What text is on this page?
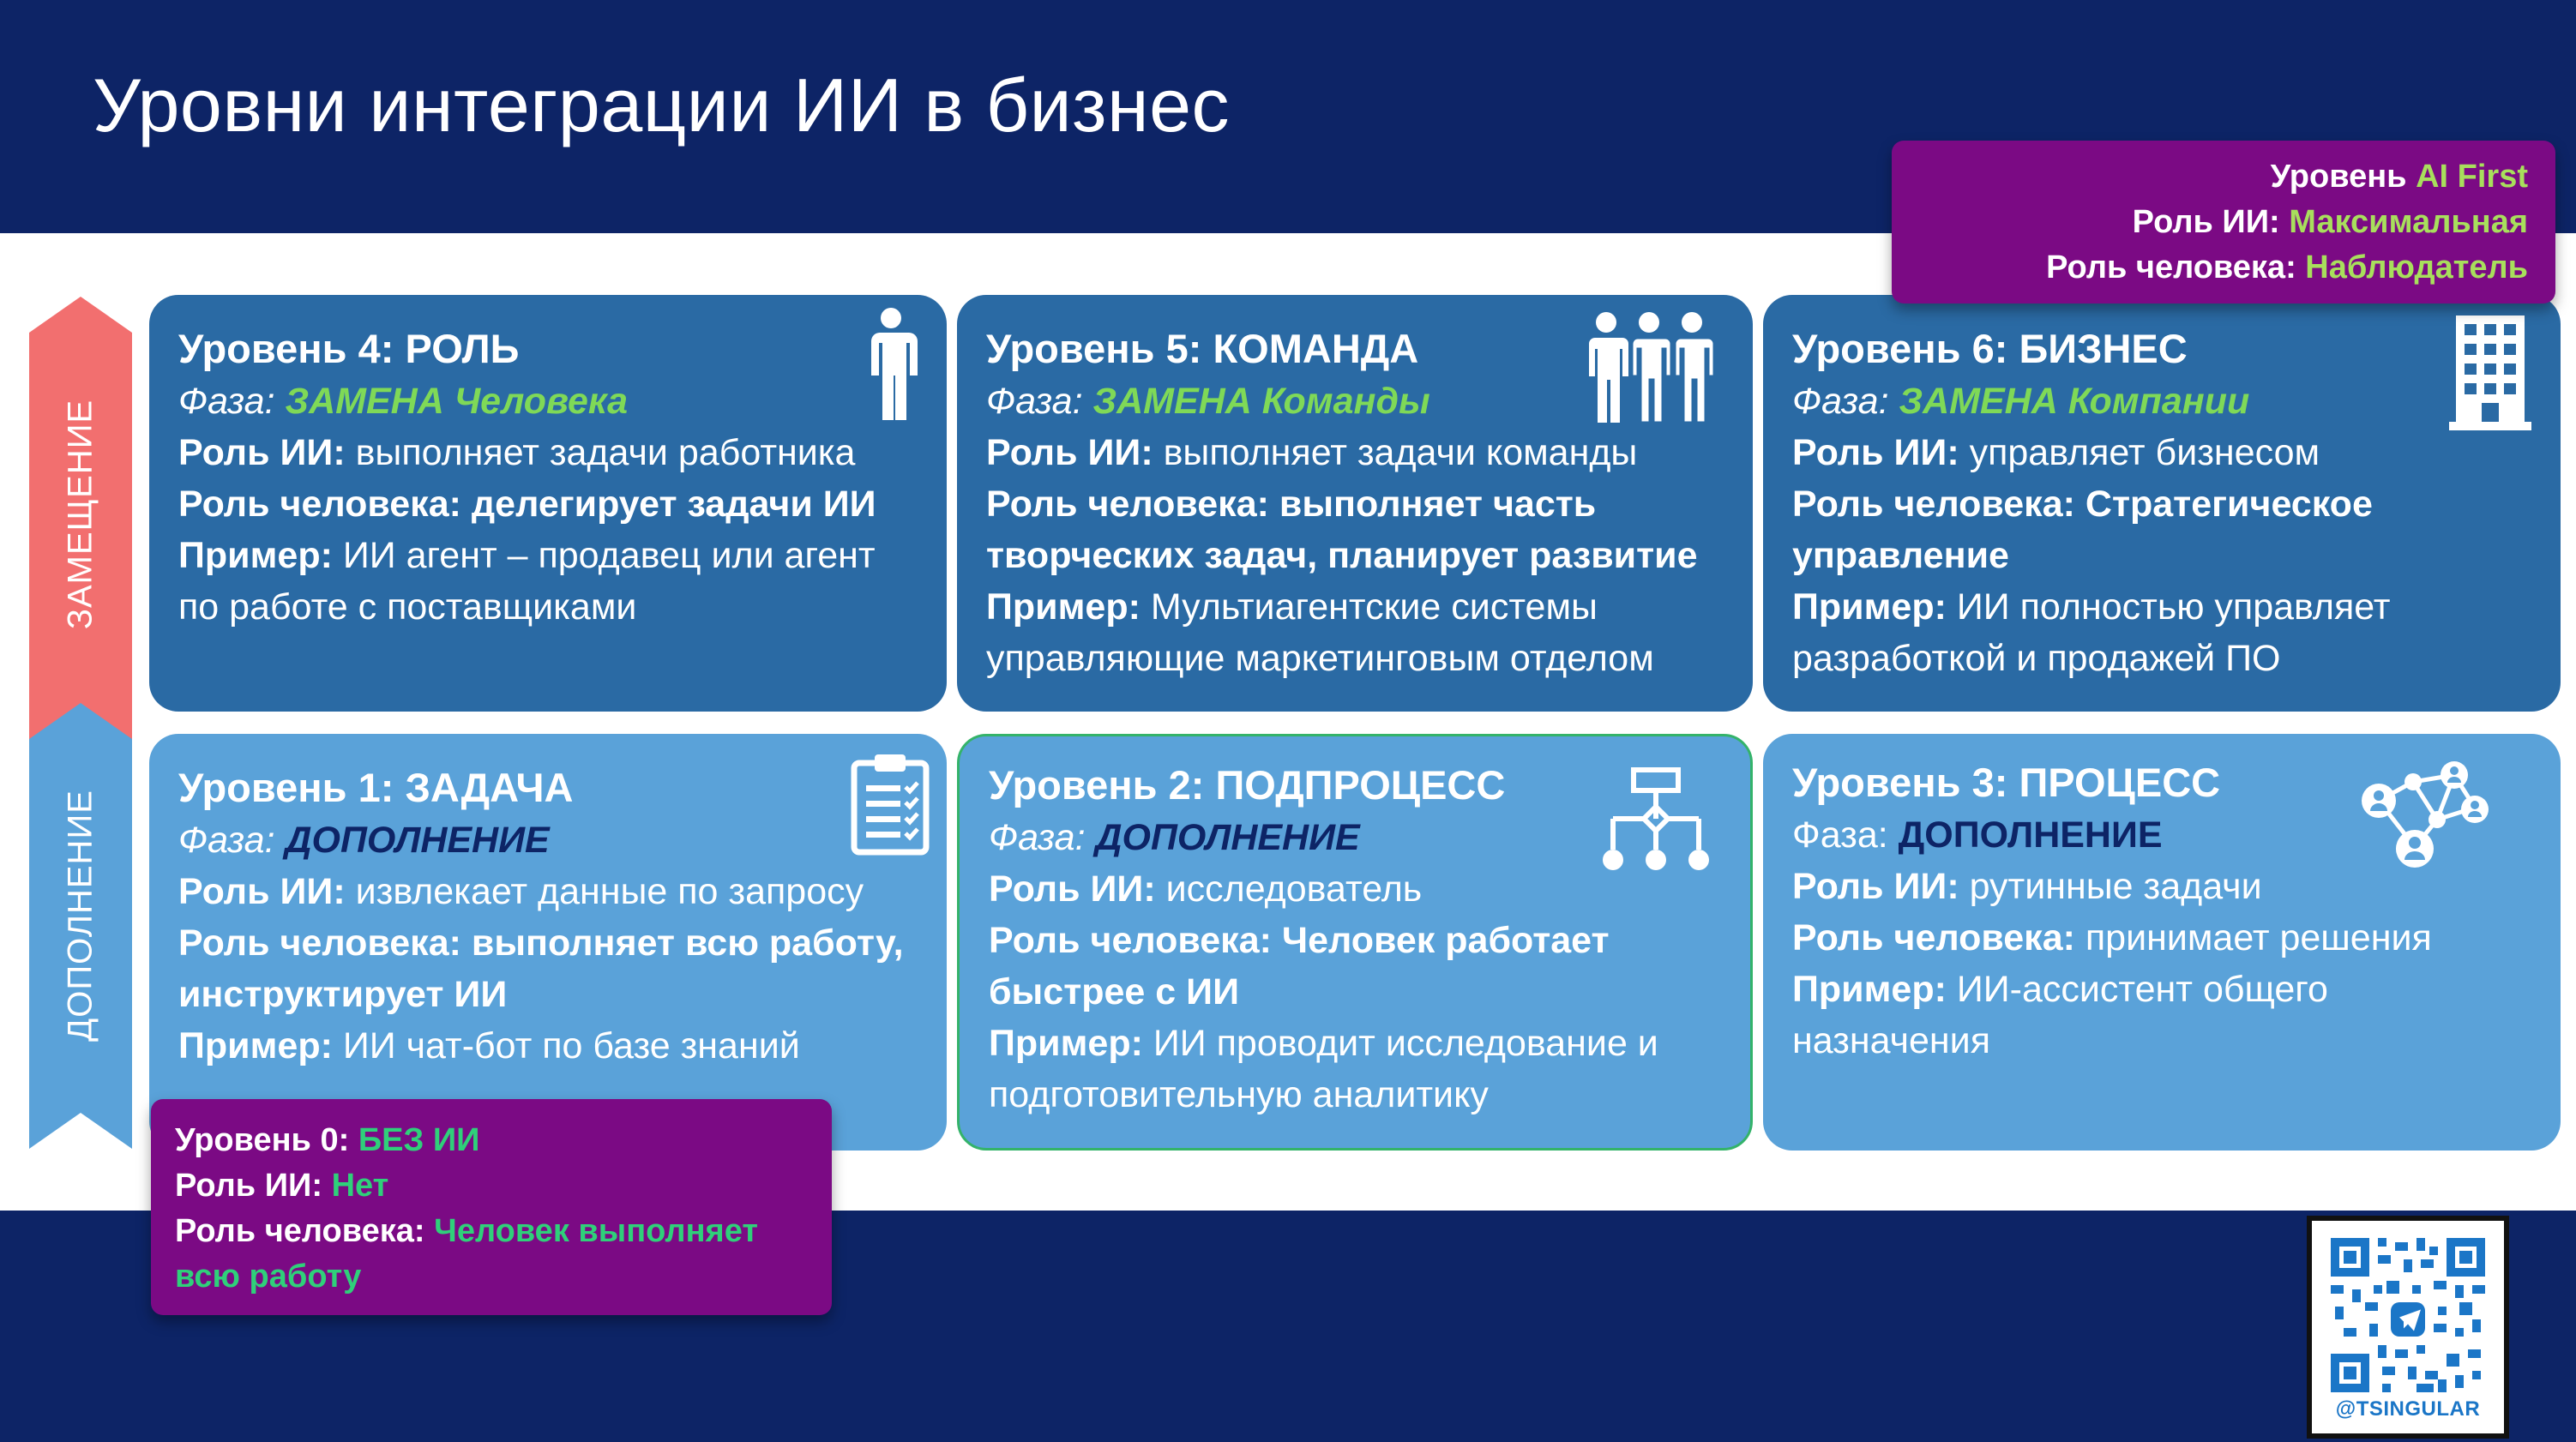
Уровни интеграции ИИ в бизнес
ЗАМЕЩЕНИЕ
ДОПОЛНЕНИЕ
Уровень 4: РОЛЬ
Фаза: ЗАМЕНА Человека
Роль ИИ: выполняет задачи работника
Роль человека: делегирует задачи ИИ
Пример: ИИ агент – продавец или агент
по работе с поставщиками
Уровень 5: КОМАНДА
Фаза: ЗАМЕНА Команды
Роль ИИ: выполняет задачи команды
Роль человека: выполняет часть
творческих задач, планирует развитие
Пример: Мультиагентские системы
управляющие маркетинговым отделом
Уровень 6: БИЗНЕС
Фаза: ЗАМЕНА Компании
Роль ИИ: управляет бизнесом
Роль человека: Стратегическое
управление
Пример: ИИ полностью управляет
разработкой и продажей ПО
Уровень 1: ЗАДАЧА
Фаза: ДОПОЛНЕНИЕ
Роль ИИ: извлекает данные по запросу
Роль человека: выполняет всю работу,
инструктирует ИИ
Пример: ИИ чат-бот по базе знаний
Уровень 2: ПОДПРОЦЕСС
Фаза: ДОПОЛНЕНИЕ
Роль ИИ: исследователь
Роль человека: Человек работает
быстрее с ИИ
Пример: ИИ проводит исследование и
подготовительную аналитику
Уровень 3: ПРОЦЕСС
Фаза: ДОПОЛНЕНИЕ
Роль ИИ: рутинные задачи
Роль человека: принимает решения
Пример: ИИ-ассистент общего
назначения
Уровень AI First
Роль ИИ: Максимальная
Роль человека: Наблюдатель
Уровень 0: БЕЗ ИИ
Роль ИИ: Нет
Роль человека: Человек выполняет
всю работу
@TSINGULAR
